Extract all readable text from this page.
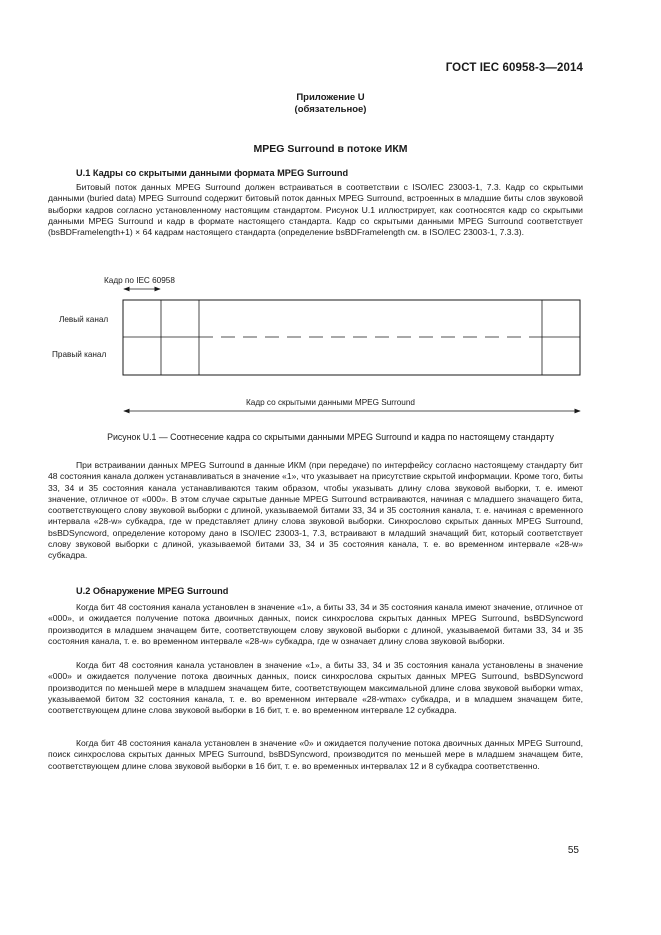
ГОСТ IEC 60958-3—2014
Приложение U
(обязательное)
MPEG Surround в потоке ИКМ
U.1 Кадры со скрытыми данными формата MPEG Surround

Битовый поток данных MPEG Surround должен встраиваться в соответствии с ISO/IEC 23003-1, 7.3. Кадр со скрытыми данными (buried data) MPEG Surround содержит битовый поток данных MPEG Surround, встроенных в младшие биты слов звуковой выборки кадров согласно установленному настоящим стандартом. Рисунок U.1 иллюстрирует, как соотносятся кадр со скрытыми данными MPEG Surround и кадр в формате настоящего стандарта. Кадр со скрытыми данными MPEG Surround соответствует (bsBDFramelength+1) × 64 кадрам настоящего стандарта (определение bsBDFramelength см. в ISO/IEC 23003-1, 7.3.3).

Кадр по IEC 60958
Левый канал
Правый канал
Кадр со скрытыми данными MPEG Surround
Рисунок U.1 — Соотнесение кадра со скрытыми данными MPEG Surround и кадра по настоящему стандарту

При встраивании данных MPEG Surround в данные ИКМ (при передаче) по интерфейсу согласно настоящему стандарту бит 48 состояния канала должен устанавливаться в значение «1», что указывает на присутствие скрытой информации. Кроме того, биты 33, 34 и 35 состояния канала устанавливаются таким образом, чтобы указывать длину слова звуковой выборки, т. е. имеют значение, отличное от «000». В этом случае скрытые данные MPEG Surround встраиваются, начиная с младшего значащего бита, соответствующего слову звуковой выборки с длиной, указываемой битами 33, 34 и 35 состояния канала, т. е. начиная с временного интервала «28-w» субкадра, где w представляет длину слова звуковой выборки. Синхрослово скрытых данных MPEG Surround, bsBDSyncword, определение которому дано в ISO/IEC 23003-1, 7.3, встраивают в младший значащий бит, который соответствует слову звуковой выборки с длиной, указываемой битами 33, 34 и 35 состояния канала, т. е. во временном интервале «28-w» субкадра.

U.2 Обнаружение MPEG Surround

Когда бит 48 состояния канала установлен в значение «1», а биты 33, 34 и 35 состояния канала имеют значение, отличное от «000», и ожидается получение потока двоичных данных, поиск синхрослова скрытых данных MPEG Surround, bsBDSyncword производится в младшем значащем бите, соответствующем слову звуковой выборки с длиной, указываемой битами 33, 34 и 35 состояния канала, т. е. во временном интервале «28-w» субкадра, где w означает длину слова звуковой выборки.

Когда бит 48 состояния канала установлен в значение «1», а биты 33, 34 и 35 состояния канала установлены в значение «000» и ожидается получение потока двоичных данных, поиск синхрослова скрытых данных MPEG Surround, bsBDSyncword производится по меньшей мере в младшем значащем бите, соответствующем максимальной длине слова звуковой выборки wmax, указываемой битом 32 состояния канала, т. е. во временном интервале «28-wmax» субкадра, и в младшем значащем бите, соответствующем длине слова звуковой выборки в 16 бит, т. е. во временном интервале 12 субкадра.

Когда бит 48 состояния канала установлен в значение «0» и ожидается получение потока двоичных данных MPEG Surround, поиск синхрослова скрытых данных MPEG Surround, bsBDSyncword, производится по меньшей мере в младшем значащем бите, соответствующем длине слова звуковой выборки в 16 бит, т. е. во временных интервалах 12 и 8 субкадра соответственно.

55
